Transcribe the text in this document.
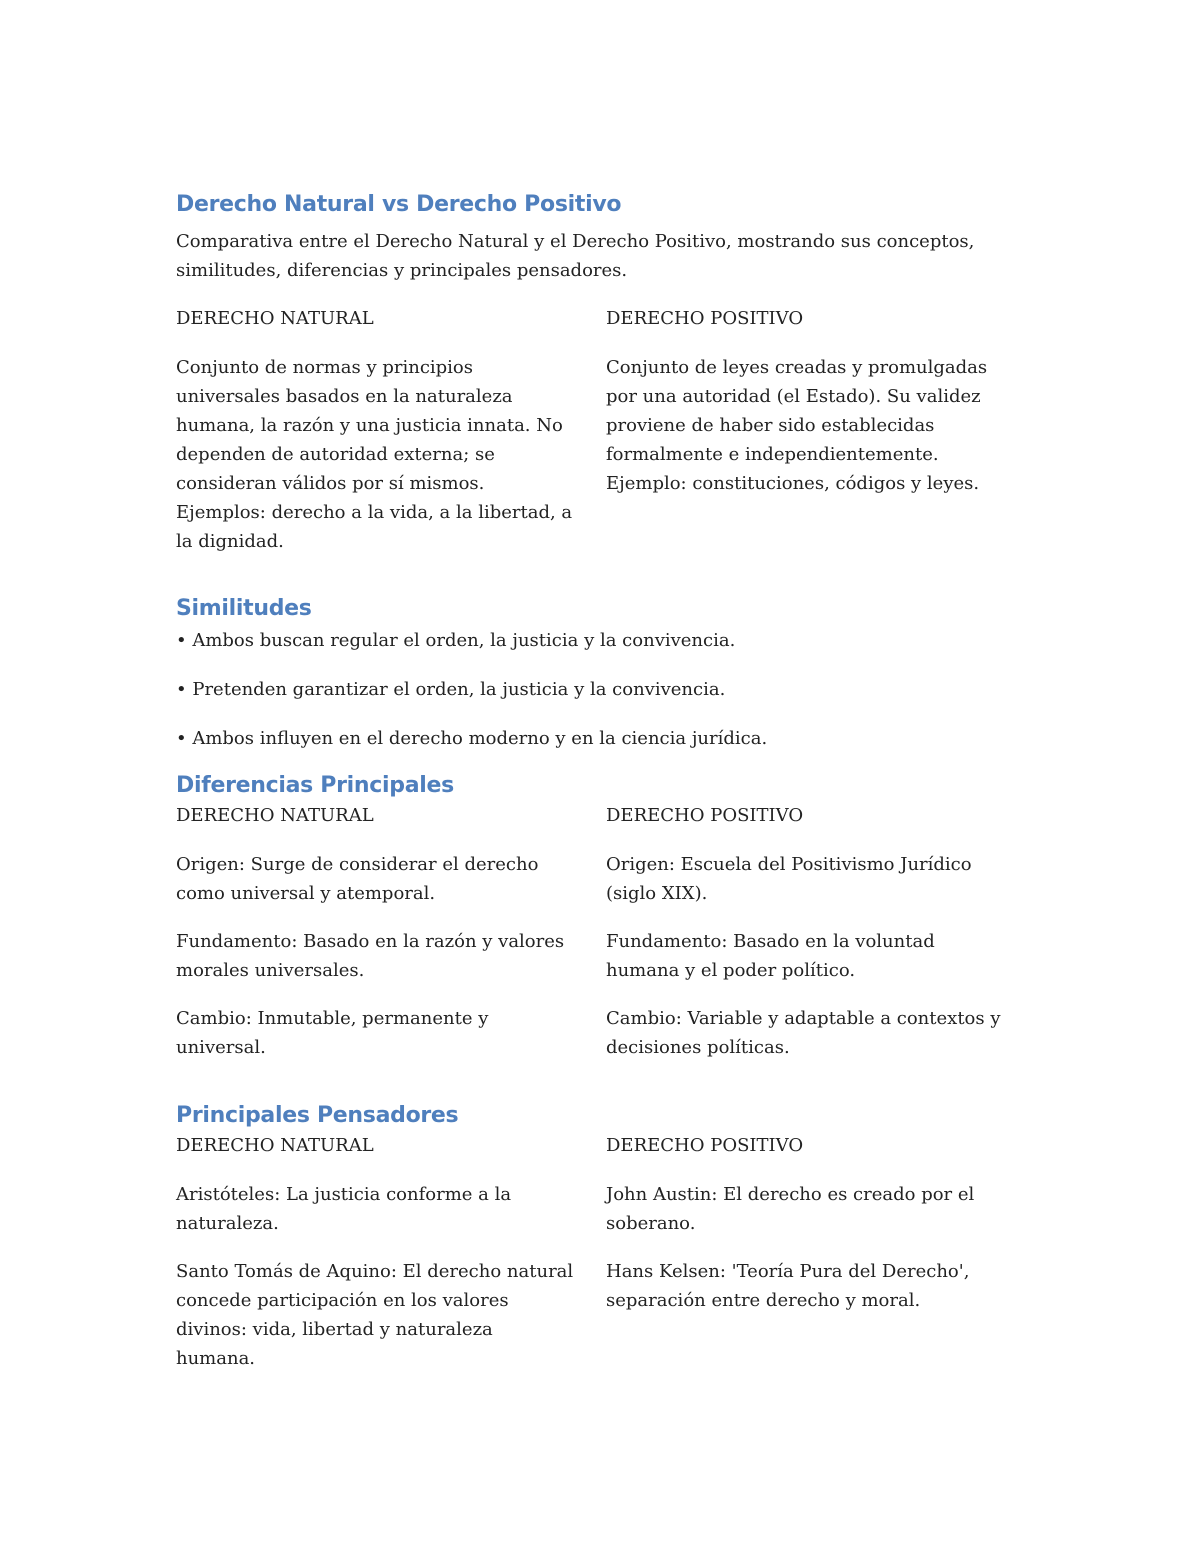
Derecho Natural vs Derecho Positivo

Comparativa entre el Derecho Natural y el Derecho Positivo, mostrando sus conceptos, similitudes, diferencias y principales pensadores.

DERECHO NATURAL

Conjunto de normas y principios universales basados en la naturaleza humana, la razón y una justicia innata. No dependen de autoridad externa; se consideran válidos por sí mismos. Ejemplos: derecho a la vida, a la libertad, a la dignidad.

DERECHO POSITIVO

Conjunto de leyes creadas y promulgadas por una autoridad (el Estado). Su validez proviene de haber sido establecidas formalmente e independientemente. Ejemplo: constituciones, códigos y leyes.

Similitudes

• Ambos buscan regular el orden, la justicia y la convivencia.

• Pretenden garantizar el orden, la justicia y la convivencia.

• Ambos influyen en el derecho moderno y en la ciencia jurídica.

Diferencias Principales
DERECHO NATURAL

Origen: Surge de considerar el derecho como universal y atemporal.

Fundamento: Basado en la razón y valores morales universales.

Cambio: Inmutable, permanente y universal.

DERECHO POSITIVO

Origen: Escuela del Positivismo Jurídico (siglo XIX).

Fundamento: Basado en la voluntad humana y el poder político.

Cambio: Variable y adaptable a contextos y decisiones políticas.

Principales Pensadores
DERECHO NATURAL

Aristóteles: La justicia conforme a la naturaleza.

Santo Tomás de Aquino: El derecho natural concede participación en los valores divinos: vida, libertad y naturaleza humana.

DERECHO POSITIVO

John Austin: El derecho es creado por el soberano.

Hans Kelsen: 'Teoría Pura del Derecho', separación entre derecho y moral.
